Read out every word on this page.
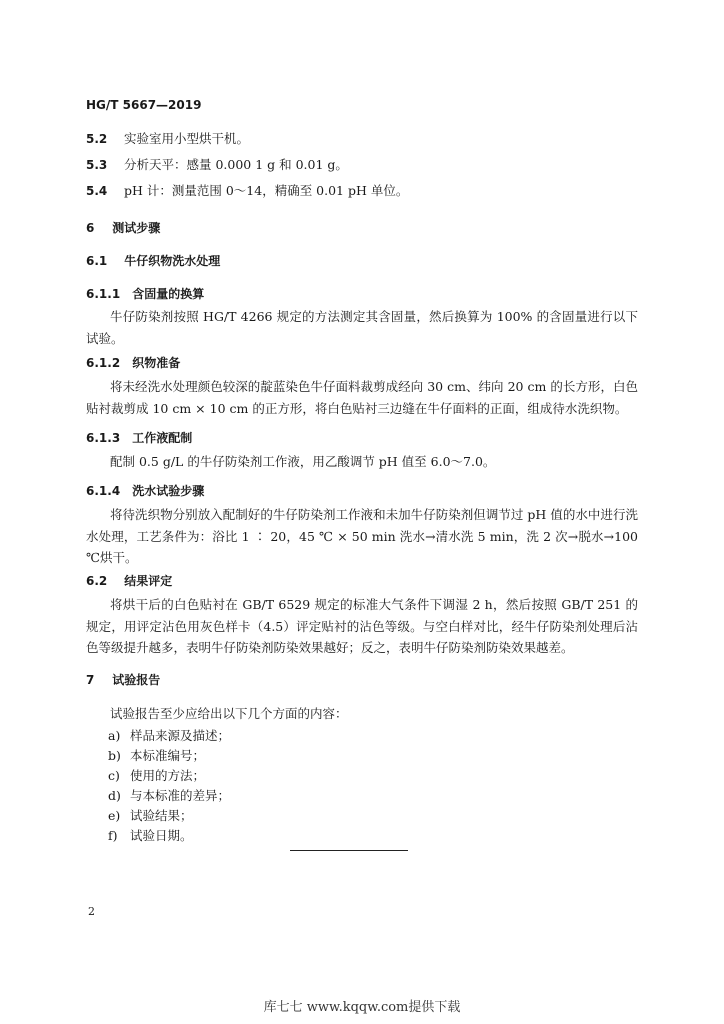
HG/T 5667—2019
5.2 实验室用小型烘干机。
5.3 分析天平：感量 0.000 1 g 和 0.01 g。
5.4 pH 计：测量范围 0～14，精确至 0.01 pH 单位。
6 测试步骤
6.1 牛仔织物洗水处理
6.1.1 含固量的换算
牛仔防染剂按照 HG/T 4266 规定的方法测定其含固量，然后换算为 100% 的含固量进行以下试验。
6.1.2 织物准备
将未经洗水处理颜色较深的靛蓝染色牛仔面料裁剪成经向 30 cm、纬向 20 cm 的长方形，白色贴衬裁剪成 10 cm × 10 cm 的正方形，将白色贴衬三边缝在牛仔面料的正面，组成待水洗织物。
6.1.3 工作液配制
配制 0.5 g/L 的牛仔防染剂工作液，用乙酸调节 pH 值至 6.0～7.0。
6.1.4 洗水试验步骤
将待洗织物分别放入配制好的牛仔防染剂工作液和未加牛仔防染剂但调节过 pH 值的水中进行洗水处理，工艺条件为：浴比 1 ∶ 20，45 ℃ × 50 min 洗水→清水洗 5 min，洗 2 次→脱水→100 ℃烘干。
6.2 结果评定
将烘干后的白色贴衬在 GB/T 6529 规定的标准大气条件下调湿 2 h，然后按照 GB/T 251 的规定，用评定沾色用灰色样卡（4.5）评定贴衬的沾色等级。与空白样对比，经牛仔防染剂处理后沾色等级提升越多，表明牛仔防染剂防染效果越好；反之，表明牛仔防染剂防染效果越差。
7 试验报告
试验报告至少应给出以下几个方面的内容：
a) 样品来源及描述；
b) 本标准编号；
c) 使用的方法；
d) 与本标准的差异；
e) 试验结果；
f) 试验日期。
2
库七七 www.kqqw.com提供下载
